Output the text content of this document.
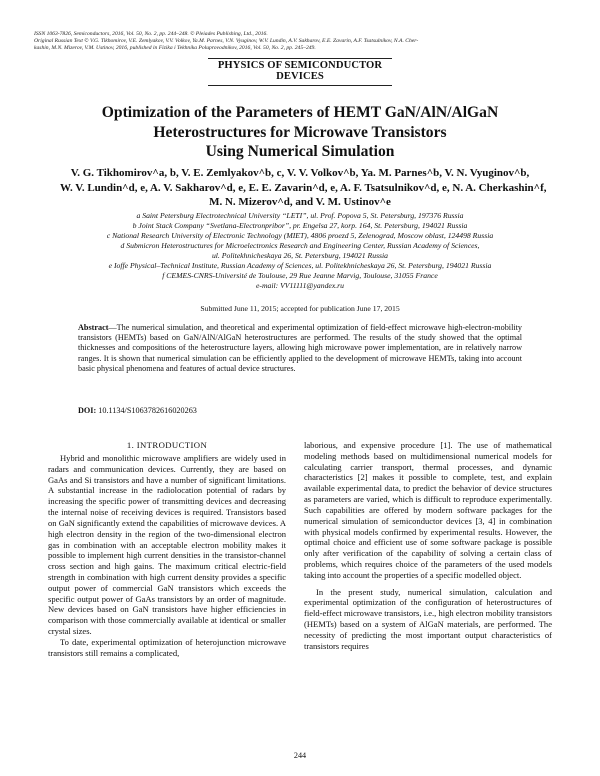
ISSN 1063-7826, Semiconductors, 2016, Vol. 50, No. 2, pp. 244–248. © Pleiades Publishing, Ltd., 2016.
Original Russian Text © V.G. Tikhomirov, V.E. Zemlyakov, V.V. Volkov, Ya.M. Parnes, V.N. Vyuginov, W.V. Lundin, A.V. Sakharov, E.E. Zavarin, A.F. Tsatsulnikov, N.A. Cher-
kashin, M.N. Mizerov, V.M. Ustinov, 2016, published in Fizika i Tekhnika Poluprovodnikov, 2016, Vol. 50, No. 2, pp. 245–249.
PHYSICS OF SEMICONDUCTOR
DEVICES
Optimization of the Parameters of HEMT GaN/AlN/AlGaN
Heterostructures for Microwave Transistors
Using Numerical Simulation
V. G. Tikhomirov^a, b, V. E. Zemlyakov^b, c, V. V. Volkov^b, Ya. M. Parnes^b, V. N. Vyuginov^b,
W. V. Lundin^d, e, A. V. Sakharov^d, e, E. E. Zavarin^d, e, A. F. Tsatsulnikov^d, e, N. A. Cherkashin^f,
M. N. Mizerov^d, and V. M. Ustinov^e
a Saint Petersburg Electrotechnical University “LETI”, ul. Prof. Popova 5, St. Petersburg, 197376 Russia
b Joint Stack Company “Svetlana-Electronpribor”, pr. Engelsa 27, korp. 164, St. Petersburg, 194021 Russia
c National Research University of Electronic Technology (MIET), 4806 proezd 5, Zelenograd, Moscow oblast, 124498 Russia
d Submicron Heterostructures for Microelectronics Research and Engineering Center, Russian Academy of Sciences,
ul. Politekhnicheskaya 26, St. Petersburg, 194021 Russia
e Ioffe Physical–Technical Institute, Russian Academy of Sciences, ul. Politekhnicheskaya 26, St. Petersburg, 194021 Russia
f CEMES-CNRS-Université de Toulouse, 29 Rue Jeanne Marvig, Toulouse, 31055 France
e-mail: VV11111@yandex.ru
Submitted June 11, 2015; accepted for publication June 17, 2015
Abstract—The numerical simulation, and theoretical and experimental optimization of field-effect microwave high-electron-mobility transistors (HEMTs) based on GaN/AlN/AlGaN heterostructures are performed. The results of the study showed that the optimal thicknesses and compositions of the heterostructure layers, allowing high microwave power implementation, are in relatively narrow ranges. It is shown that numerical simulation can be efficiently applied to the development of microwave HEMTs, taking into account basic physical phenomena and features of actual device structures.
DOI: 10.1134/S1063782616020263
1. INTRODUCTION

Hybrid and monolithic microwave amplifiers are widely used in radars and communication devices. Currently, they are based on GaAs and Si transistors and have a number of significant limitations. A substantial increase in the radiolocation potential of radars by increasing the specific power of transmitting devices and decreasing the internal noise of receiving devices is required. Transistors based on GaN significantly extend the capabilities of microwave devices. A high electron density in the region of the two-dimensional electron gas in combination with an acceptable electron mobility makes it possible to implement high current densities in the transistor-channel cross section and high gains. The maximum critical electric-field strength in combination with high current density provides a specific output power of commercial GaN transistors which exceeds the specific output power of GaAs transistors by an order of magnitude. New devices based on GaN transistors have higher efficiencies in comparison with those commercially available at identical or smaller crystal sizes.

To date, experimental optimization of heterojunction microwave transistors still remains a complicated,

laborious, and expensive procedure [1]. The use of mathematical modeling methods based on multidimensional numerical models for calculating carrier transport, thermal processes, and dynamic characteristics [2] makes it possible to complete, test, and explain available experimental data, to predict the behavior of device structures as parameters are varied, which is difficult to reproduce experimentally. Such capabilities are offered by modern software packages for the numerical simulation of semiconductor devices [3, 4] in combination with physical models confirmed by experimental results. However, the optimal choice and efficient use of some software package is possible only after verification of the capability of solving a certain class of problems, which requires choice of the parameters of the used models taking into account the properties of a specific modelled object.

In the present study, numerical simulation, calculation and experimental optimization of the configuration of heterostructures of field-effect microwave transistors, i.e., high electron mobility transistors (HEMTs) based on a system of AlGaN materials, are performed. The necessity of predicting the most important output characteristics of transistors requires

244
